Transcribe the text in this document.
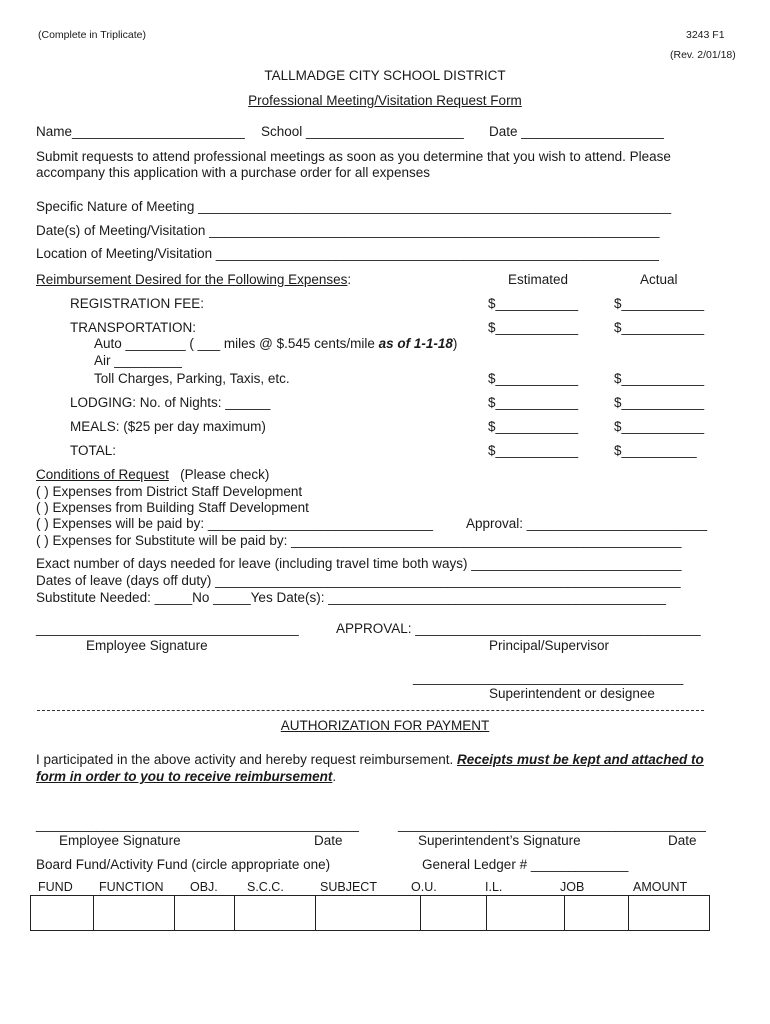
(Complete in Triplicate)	3243 F1
(Rev. 2/01/18)
TALLMADGE CITY SCHOOL DISTRICT
Professional Meeting/Visitation Request Form
Name_______________________ School _____________________ Date ___________________
Submit requests to attend professional meetings as soon as you determine that you wish to attend. Please
accompany this application with a purchase order for all expenses
Specific Nature of Meeting _______________________________________________________________
Date(s) of Meeting/Visitation ____________________________________________________________
Location of Meeting/Visitation ___________________________________________________________
Reimbursement Desired for the Following Expenses:	Estimated	Actual
REGISTRATION FEE:	$___________	$___________
TRANSPORTATION:	$___________	$___________
Auto ________ ( ___ miles @ $.545 cents/mile as of 1-1-18)
Air _________
Toll Charges, Parking, Taxis, etc.	$___________	$___________
LODGING: No. of Nights: ______	$___________	$___________
MEALS: ($25 per day maximum)	$___________	$___________
TOTAL:	$___________	$__________
Conditions of Request (Please check)
( ) Expenses from District Staff Development
( ) Expenses from Building Staff Development
( ) Expenses will be paid by: ______________________________ Approval: ________________________
( ) Expenses for Substitute will be paid by: ____________________________________________________
Exact number of days needed for leave (including travel time both ways) ____________________________
Dates of leave (days off duty) ______________________________________________________________
Substitute Needed: _____No _____Yes Date(s): _____________________________________________
___________________________________	APPROVAL: ______________________________________
Employee Signature	Principal/Supervisor
____________________________________
Superintendent or designee
AUTHORIZATION FOR PAYMENT
I participated in the above activity and hereby request reimbursement. Receipts must be kept and attached to
form in order to you to receive reimbursement.
___________________________________________	_________________________________________
Employee Signature	Date	Superintendent’s Signature	Date
Board Fund/Activity Fund (circle appropriate one)	General Ledger # _____________
FUND FUNCTION OBJ. S.C.C.	SUBJECT	O.U.	I.L.	JOB	AMOUNT
